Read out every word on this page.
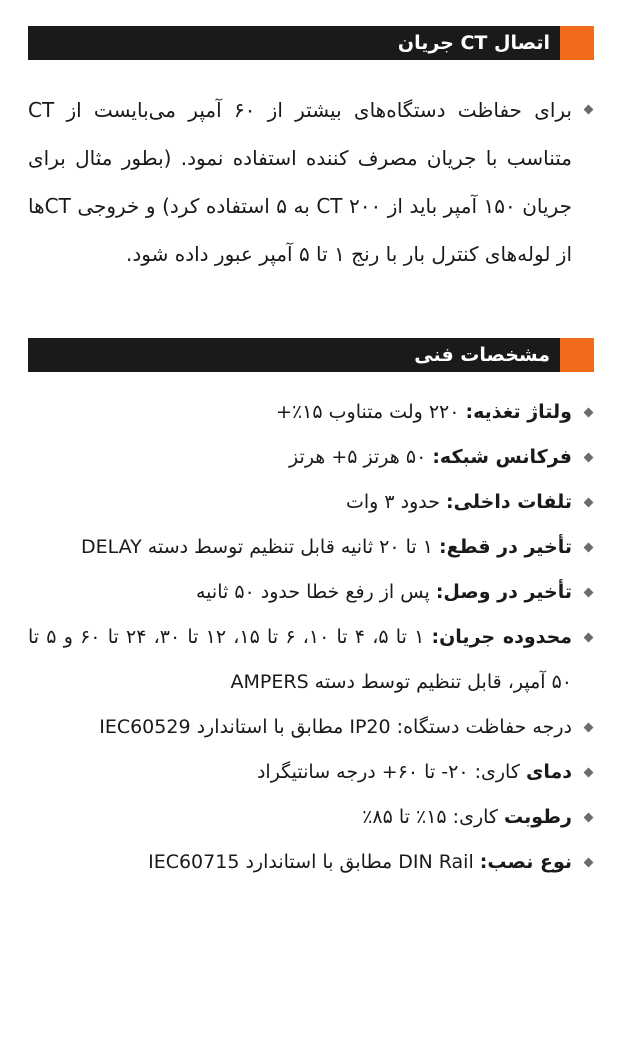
اتصال CT جریان

برای حفاظت دستگاه‌های بیشتر از ۶۰ آمپر می‌بایست از CT متناسب با جریان مصرف کننده استفاده نمود. (بطور مثال برای جریان ۱۵۰ آمپر باید از CT ۲۰۰ به ۵ استفاده کرد) و خروجی CTها از لوله‌های کنترل بار با رنج ۱ تا ۵ آمپر عبور داده شود.

مشخصات فنی
ولتاژ تغذیه: ۲۲۰ ولت متناوب ۱۵٪+
فرکانس شبکه: ۵۰ هرتز ۵+ هرتز
تلفات داخلی: حدود ۳ وات
تأخیر در قطع: ۱ تا ۲۰ ثانیه قابل تنظیم توسط دسته DELAY
تأخیر در وصل: پس از رفع خطا حدود ۵۰ ثانیه
محدوده جریان: ۱ تا ۵، ۴ تا ۱۰، ۶ تا ۱۵، ۱۲ تا ۳۰، ۲۴ تا ۶۰ و ۵ تا ۵۰ آمپر، قابل تنظیم توسط دسته AMPERS
درجه حفاظت دستگاه: IP20 مطابق با استاندارد IEC60529
دمای کاری: ۲۰- تا ۶۰+ درجه سانتیگراد
رطوبت کاری: ۱۵٪ تا ۸۵٪
نوع نصب: DIN Rail مطابق با استاندارد IEC60715
